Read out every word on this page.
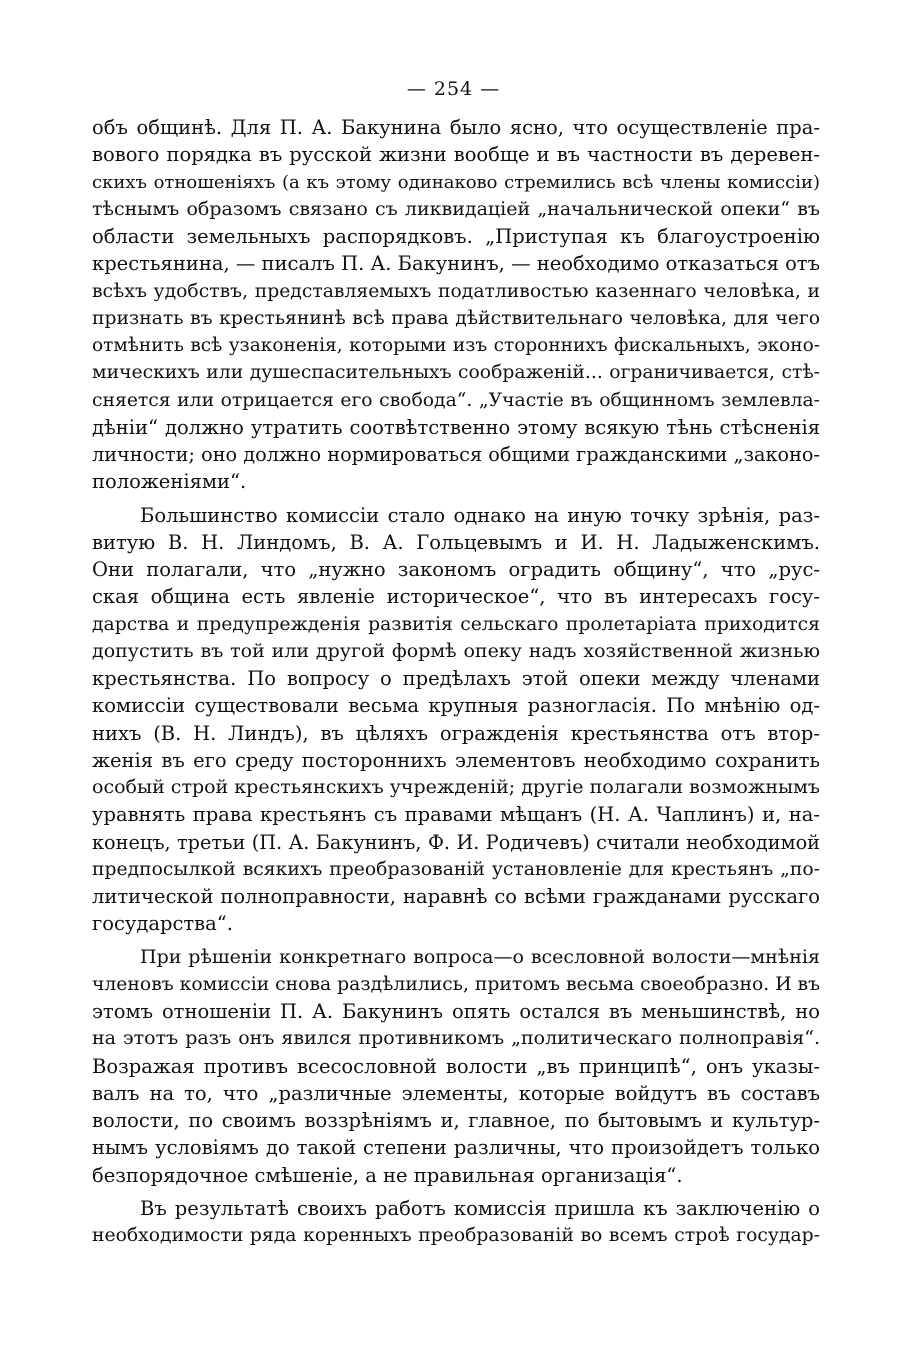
— 254 —
объ общинѣ. Для П. А. Бакунина было ясно, что осуществленіе пра-
вового порядка въ русской жизни вообще и въ частности въ деревен-
скихъ отношеніяхъ (а къ этому одинаково стремились всѣ члены комиссіи)
тѣснымъ образомъ связано съ ликвидаціей „начальнической опеки“ въ
области земельныхъ распорядковъ. „Приступая къ благоустроенію
крестьянина, — писалъ П. А. Бакунинъ, — необходимо отказаться отъ
всѣхъ удобствъ, представляемыхъ податливостью казеннаго человѣка, и
признать въ крестьянинѣ всѣ права дѣйствительнаго человѣка, для чего
отмѣнить всѣ узаконенія, которыми изъ стороннихъ фискальныхъ, эконо-
мическихъ или душеспасительныхъ соображеній... ограничивается, стѣ-
сняется или отрицается его свобода“. „Участіе въ общинномъ землевла-
дѣніи“ должно утратить соотвѣтственно этому всякую тѣнь стѣсненія
личности; оно должно нормироваться общими гражданскими „законо-
положеніями“.
Большинство комиссіи стало однако на иную точку зрѣнія, раз-
витую В. Н. Линдомъ, В. А. Гольцевымъ и И. Н. Ладыженскимъ.
Они полагали, что „нужно закономъ оградить общину“, что „рус-
ская община есть явленіе историческое“, что въ интересахъ госу-
дарства и предупрежденія развитія сельскаго пролетаріата приходится
допустить въ той или другой формѣ опеку надъ хозяйственной жизнью
крестьянства. По вопросу о предѣлахъ этой опеки между членами
комиссіи существовали весьма крупныя разногласія. По мнѣнію од-
нихъ (В. Н. Линдъ), въ цѣляхъ огражденія крестьянства отъ втор-
женія въ его среду постороннихъ элементовъ необходимо сохранить
особый строй крестьянскихъ учрежденій; другіе полагали возможнымъ
уравнять права крестьянъ съ правами мѣщанъ (Н. А. Чаплинъ) и, на-
конецъ, третьи (П. А. Бакунинъ, Ф. И. Родичевъ) считали необходимой
предпосылкой всякихъ преобразованій установленіе для крестьянъ „по-
литической полноправности, наравнѣ со всѣми гражданами русскаго
государства“.
При рѣшеніи конкретнаго вопроса—о всесловной волости—мнѣнія
членовъ комиссіи снова раздѣлились, притомъ весьма своеобразно. И въ
этомъ отношеніи П. А. Бакунинъ опять остался въ меньшинствѣ, но
на этотъ разъ онъ явился противникомъ „политическаго полноправія“.
Возражая противъ всесословной волости „въ принципѣ“, онъ указы-
валъ на то, что „различные элементы, которые войдутъ въ составъ
волости, по своимъ воззрѣніямъ и, главное, по бытовымъ и культур-
нымъ условіямъ до такой степени различны, что произойдетъ только
безпорядочное смѣшеніе, а не правильная организація“.
Въ результатѣ своихъ работъ комиссія пришла къ заключенію о
необходимости ряда коренныхъ преобразованій во всемъ строѣ государ-
